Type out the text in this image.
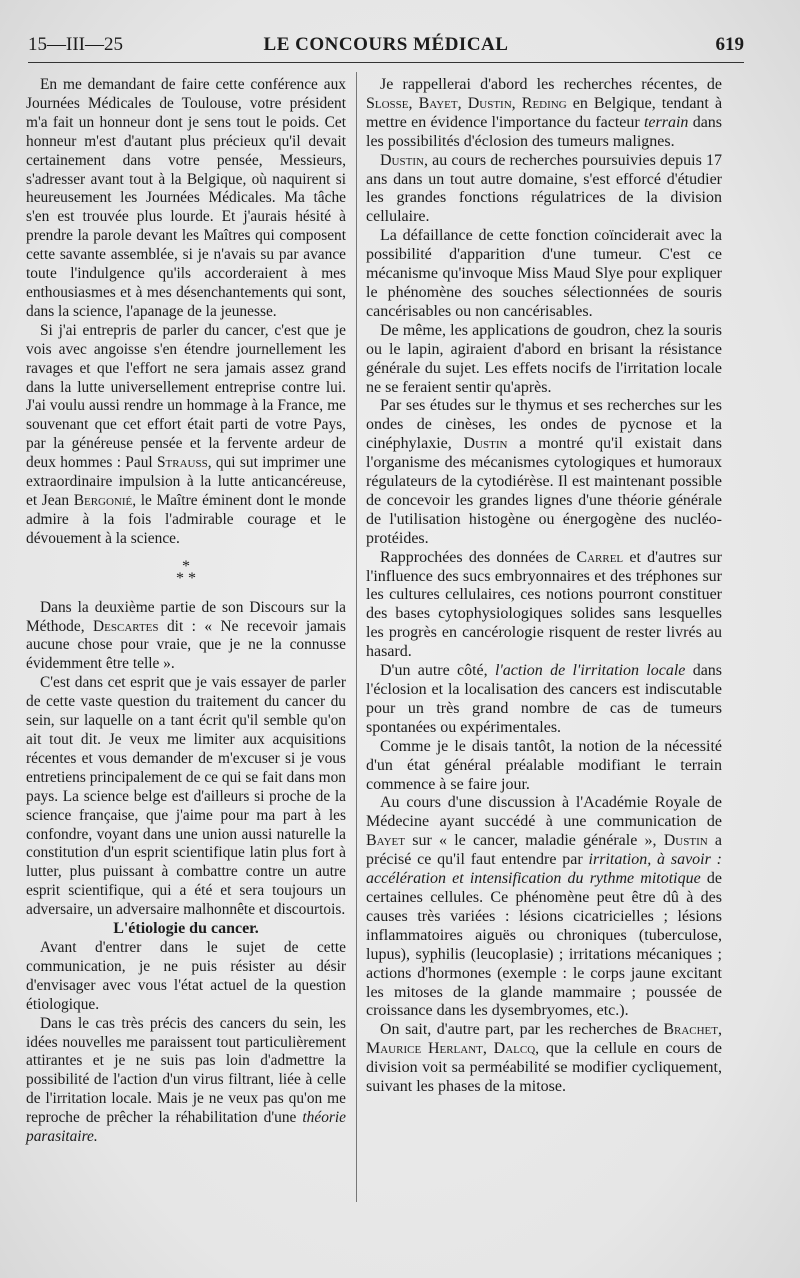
15—III—25	LE CONCOURS MÉDICAL	619

En me demandant de faire cette conférence aux Journées Médicales de Toulouse, votre président m'a fait un honneur dont je sens tout le poids. Cet honneur m'est d'autant plus précieux qu'il devait certainement dans votre pensée, Messieurs, s'adresser avant tout à la Belgique, où naquirent si heureusement les Journées Médicales. Ma tâche s'en est trouvée plus lourde. Et j'aurais hésité à prendre la parole devant les Maîtres qui composent cette savante assemblée, si je n'avais su par avance toute l'indulgence qu'ils accorderaient à mes enthousiasmes et à mes désenchantements qui sont, dans la science, l'apanage de la jeunesse.

Si j'ai entrepris de parler du cancer, c'est que je vois avec angoisse s'en étendre journellement les ravages et que l'effort ne sera jamais assez grand dans la lutte universellement entreprise contre lui. J'ai voulu aussi rendre un hommage à la France, me souvenant que cet effort était parti de votre Pays, par la généreuse pensée et la fervente ardeur de deux hommes : Paul Strauss, qui sut imprimer une extraordinaire impulsion à la lutte anticancéreuse, et Jean Bergonié, le Maître éminent dont le monde admire à la fois l'admirable courage et le dévouement à la science.

*
* *

Dans la deuxième partie de son Discours sur la Méthode, Descartes dit : « Ne recevoir jamais aucune chose pour vraie, que je ne la connusse évidemment être telle ».

C'est dans cet esprit que je vais essayer de parler de cette vaste question du traitement du cancer du sein, sur laquelle on a tant écrit qu'il semble qu'on ait tout dit. Je veux me limiter aux acquisitions récentes et vous demander de m'excuser si je vous entretiens principalement de ce qui se fait dans mon pays. La science belge est d'ailleurs si proche de la science française, que j'aime pour ma part à les confondre, voyant dans une union aussi naturelle la constitution d'un esprit scientifique latin plus fort à lutter, plus puissant à combattre contre un autre esprit scientifique, qui a été et sera toujours un adversaire, un adversaire malhonnête et discourtois.

L'étiologie du cancer.

Avant d'entrer dans le sujet de cette communication, je ne puis résister au désir d'envisager avec vous l'état actuel de la question étiologique.

Dans le cas très précis des cancers du sein, les idées nouvelles me paraissent tout particulièrement attirantes et je ne suis pas loin d'admettre la possibilité de l'action d'un virus filtrant, liée à celle de l'irritation locale. Mais je ne veux pas qu'on me reproche de prêcher la réhabilitation d'une théorie parasitaire.

Je rappellerai d'abord les recherches récentes, de Slosse, Bayet, Dustin, Reding en Belgique, tendant à mettre en évidence l'importance du facteur terrain dans les possibilités d'éclosion des tumeurs malignes.

Dustin, au cours de recherches poursuivies depuis 17 ans dans un tout autre domaine, s'est efforcé d'étudier les grandes fonctions régulatrices de la division cellulaire.

La défaillance de cette fonction coïnciderait avec la possibilité d'apparition d'une tumeur. C'est ce mécanisme qu'invoque Miss Maud Slye pour expliquer le phénomène des souches sélectionnées de souris cancérisables ou non cancérisables.

De même, les applications de goudron, chez la souris ou le lapin, agiraient d'abord en brisant la résistance générale du sujet. Les effets nocifs de l'irritation locale ne se feraient sentir qu'après.

Par ses études sur le thymus et ses recherches sur les ondes de cinèses, les ondes de pycnose et la cinéphylaxie, Dustin a montré qu'il existait dans l'organisme des mécanismes cytologiques et humoraux régulateurs de la cytodiérèse. Il est maintenant possible de concevoir les grandes lignes d'une théorie générale de l'utilisation histogène ou énergogène des nucléo-protéides.

Rapprochées des données de Carrel et d'autres sur l'influence des sucs embryonnaires et des tréphones sur les cultures cellulaires, ces notions pourront constituer des bases cytophysiologiques solides sans lesquelles les progrès en cancérologie risquent de rester livrés au hasard.

D'un autre côté, l'action de l'irritation locale dans l'éclosion et la localisation des cancers est indiscutable pour un très grand nombre de cas de tumeurs spontanées ou expérimentales.

Comme je le disais tantôt, la notion de la nécessité d'un état général préalable modifiant le terrain commence à se faire jour.

Au cours d'une discussion à l'Académie Royale de Médecine ayant succédé à une communication de Bayet sur « le cancer, maladie générale », Dustin a précisé ce qu'il faut entendre par irritation, à savoir : accélération et intensification du rythme mitotique de certaines cellules. Ce phénomène peut être dû à des causes très variées : lésions cicatricielles ; lésions inflammatoires aiguës ou chroniques (tuberculose, lupus), syphilis (leucoplasie) ; irritations mécaniques ; actions d'hormones (exemple : le corps jaune excitant les mitoses de la glande mammaire ; poussée de croissance dans les dysembryomes, etc.).

On sait, d'autre part, par les recherches de Brachet, Maurice Herlant, Dalcq, que la cellule en cours de division voit sa perméabilité se modifier cycliquement, suivant les phases de la mitose.
